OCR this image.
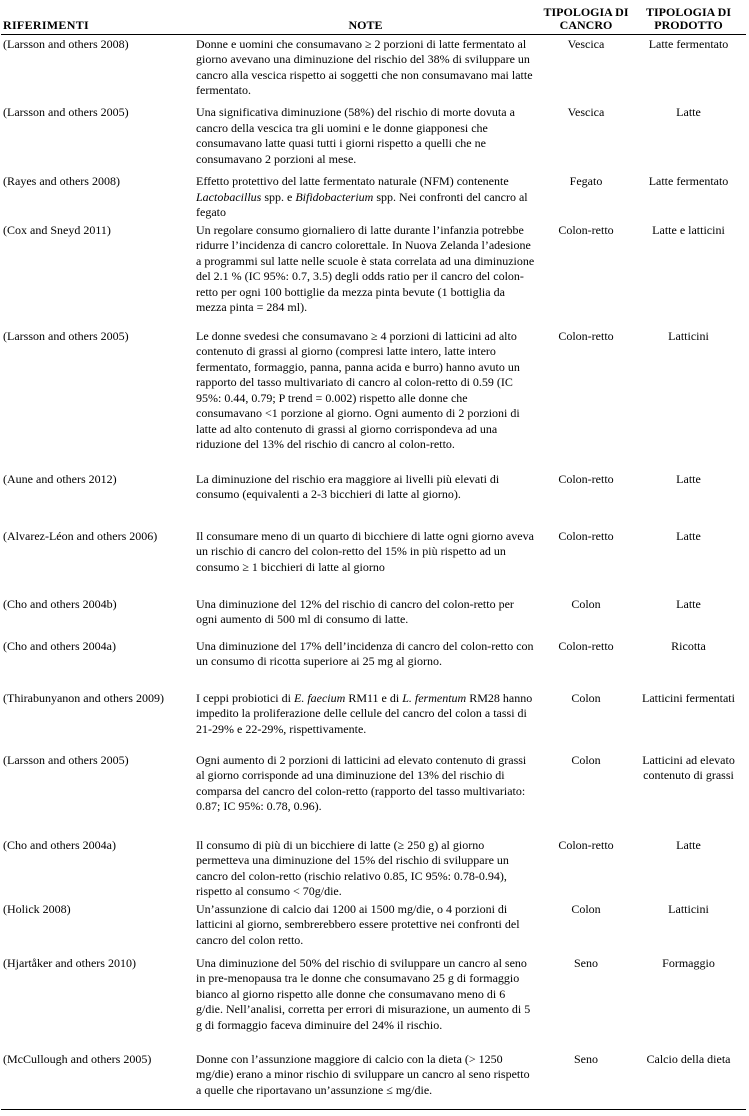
RIFERIMENTI	NOTE	TIPOLOGIA DI CANCRO	TIPOLOGIA DI PRODOTTO
(Larsson and others 2008)	Donne e uomini che consumavano ≥ 2 porzioni di latte fermentato al giorno avevano una diminuzione del rischio del 38% di sviluppare un cancro alla vescica rispetto ai soggetti che non consumavano mai latte fermentato.	Vescica	Latte fermentato
(Larsson and others 2005)	Una significativa diminuzione (58%) del rischio di morte dovuta a cancro della vescica tra gli uomini e le donne giapponesi che consumavano latte quasi tutti i giorni rispetto a quelli che ne consumavano 2 porzioni al mese.	Vescica	Latte
(Rayes and others 2008)	Effetto protettivo del latte fermentato naturale (NFM) contenente Lactobacillus spp. e Bifidobacterium spp. Nei confronti del cancro al fegato	Fegato	Latte fermentato
(Cox and Sneyd 2011)	Un regolare consumo giornaliero di latte durante l’infanzia potrebbe ridurre l’incidenza di cancro colorettale. In Nuova Zelanda l’adesione a programmi sul latte nelle scuole è stata correlata ad una diminuzione del 2.1 % (IC 95%: 0.7, 3.5) degli odds ratio per il cancro del colon-retto per ogni 100 bottiglie da mezza pinta bevute (1 bottiglia da mezza pinta = 284 ml).	Colon-retto	Latte e latticini
(Larsson and others 2005)	Le donne svedesi che consumavano ≥ 4 porzioni di latticini ad alto contenuto di grassi al giorno (compresi latte intero, latte intero fermentato, formaggio, panna, panna acida e burro) hanno avuto un rapporto del tasso multivariato di cancro al colon-retto di 0.59 (IC 95%: 0.44, 0.79; P trend = 0.002) rispetto alle donne che consumavano <1 porzione al giorno. Ogni aumento di 2 porzioni di latte ad alto contenuto di grassi al giorno corrispondeva ad una riduzione del 13% del rischio di cancro al colon-retto.	Colon-retto	Latticini
(Aune and others 2012)	La diminuzione del rischio era maggiore ai livelli più elevati di consumo (equivalenti a 2-3 bicchieri di latte al giorno).	Colon-retto	Latte
(Alvarez-Léon and others 2006)	Il consumare meno di un quarto di bicchiere di latte ogni giorno aveva un rischio di cancro del colon-retto del 15% in più rispetto ad un consumo ≥ 1 bicchieri di latte al giorno	Colon-retto	Latte
(Cho and others 2004b)	Una diminuzione del 12% del rischio di cancro del colon-retto per ogni aumento di 500 ml di consumo di latte.	Colon	Latte
(Cho and others 2004a)	Una diminuzione del 17% dell’incidenza di cancro del colon-retto con un consumo di ricotta superiore ai 25 mg al giorno.	Colon-retto	Ricotta
(Thirabunyanon and others 2009)	I ceppi probiotici di E. faecium RM11 e di L. fermentum RM28 hanno impedito la proliferazione delle cellule del cancro del colon a tassi di 21-29% e 22-29%, rispettivamente.	Colon	Latticini fermentati
(Larsson and others 2005)	Ogni aumento di 2 porzioni di latticini ad elevato contenuto di grassi al giorno corrisponde ad una diminuzione del 13% del rischio di comparsa del cancro del colon-retto (rapporto del tasso multivariato: 0.87; IC 95%: 0.78, 0.96).	Colon	Latticini ad elevato contenuto di grassi
(Cho and others 2004a)	Il consumo di più di un bicchiere di latte (≥ 250 g) al giorno permetteva una diminuzione del 15% del rischio di sviluppare un cancro del colon-retto (rischio relativo 0.85, IC 95%: 0.78-0.94), rispetto al consumo < 70g/die.	Colon-retto	Latte
(Holick 2008)	Un’assunzione di calcio dai 1200 ai 1500 mg/die, o 4 porzioni di latticini al giorno, sembrerebbero essere protettive nei confronti del cancro del colon retto.	Colon	Latticini
(Hjartåker and others 2010)	Una diminuzione del 50% del rischio di sviluppare un cancro al seno in pre-menopausa tra le donne che consumavano 25 g di formaggio bianco al giorno rispetto alle donne che consumavano meno di 6 g/die. Nell’analisi, corretta per errori di misurazione, un aumento di 5 g di formaggio faceva diminuire del 24% il rischio.	Seno	Formaggio
(McCullough and others 2005)	Donne con l’assunzione maggiore di calcio con la dieta (> 1250 mg/die) erano a minor rischio di sviluppare un cancro al seno rispetto a quelle che riportavano un’assunzione ≤ mg/die.	Seno	Calcio della dieta
